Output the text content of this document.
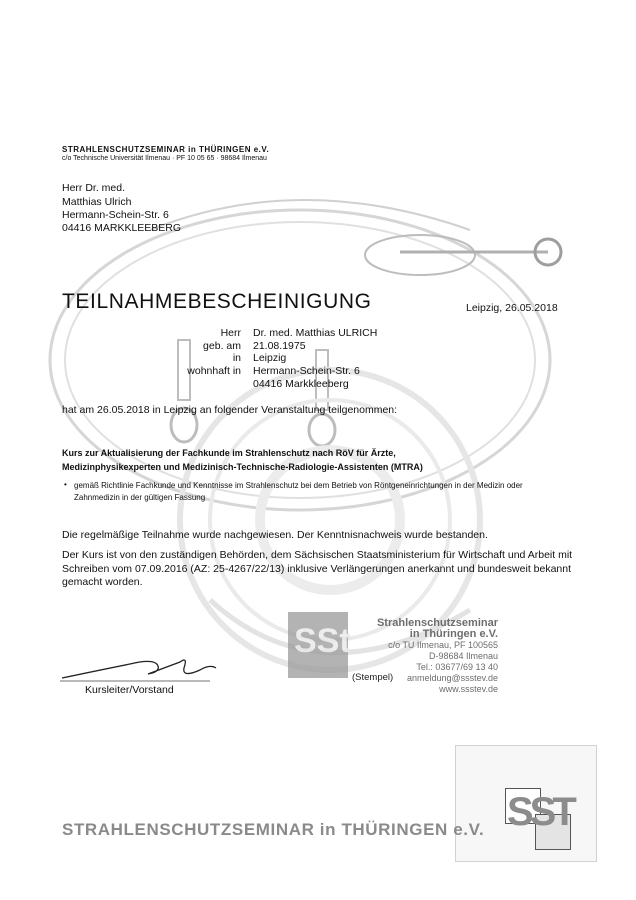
STRAHLENSCHUTZSEMINAR in THÜRINGEN e.V.
c/o Technische Universität Ilmenau · PF 10 05 65 · 98684 Ilmenau
Herr Dr. med.
Matthias Ulrich
Hermann-Schein-Str. 6
04416 MARKKLEEBERG
TEILNAHMEBESCHEINIGUNG	Leipzig, 26.05.2018
Herr Dr. med. Matthias ULRICH
geb. am 21.08.1975
in Leipzig
wohnhaft in Hermann-Schein-Str. 6
04416 Markkleeberg
hat am 26.05.2018 in Leipzig an folgender Veranstaltung teilgenommen:
Kurs zur Aktualisierung der Fachkunde im Strahlenschutz nach RöV für Ärzte,
Medizinphysikexperten und Medizinisch-Technische-Radiologie-Assistenten (MTRA)
• gemäß Richtlinie Fachkunde und Kenntnisse im Strahlenschutz bei dem Betrieb von Röntgeneinrichtungen in der Medizin oder Zahnmedizin in der gültigen Fassung
Die regelmäßige Teilnahme wurde nachgewiesen. Der Kenntnisnachweis wurde bestanden.
Der Kurs ist von den zuständigen Behörden, dem Sächsischen Staatsministerium für Wirtschaft und Arbeit mit Schreiben vom 07.09.2016 (AZ: 25-4267/22/13) inklusive Verlängerungen anerkannt und bundesweit bekannt gemacht worden.
Kursleiter/Vorstand
SSt	Strahlenschutzseminar
in Thüringen e.V.
c/o TU Ilmenau, PF 100565
D-98684 Ilmenau
Tel.: 03677/69 13 40
anmeldung@ssstev.de
www.ssstev.de
(Stempel)
SST
STRAHLENSCHUTZSEMINAR in THÜRINGEN e.V.
